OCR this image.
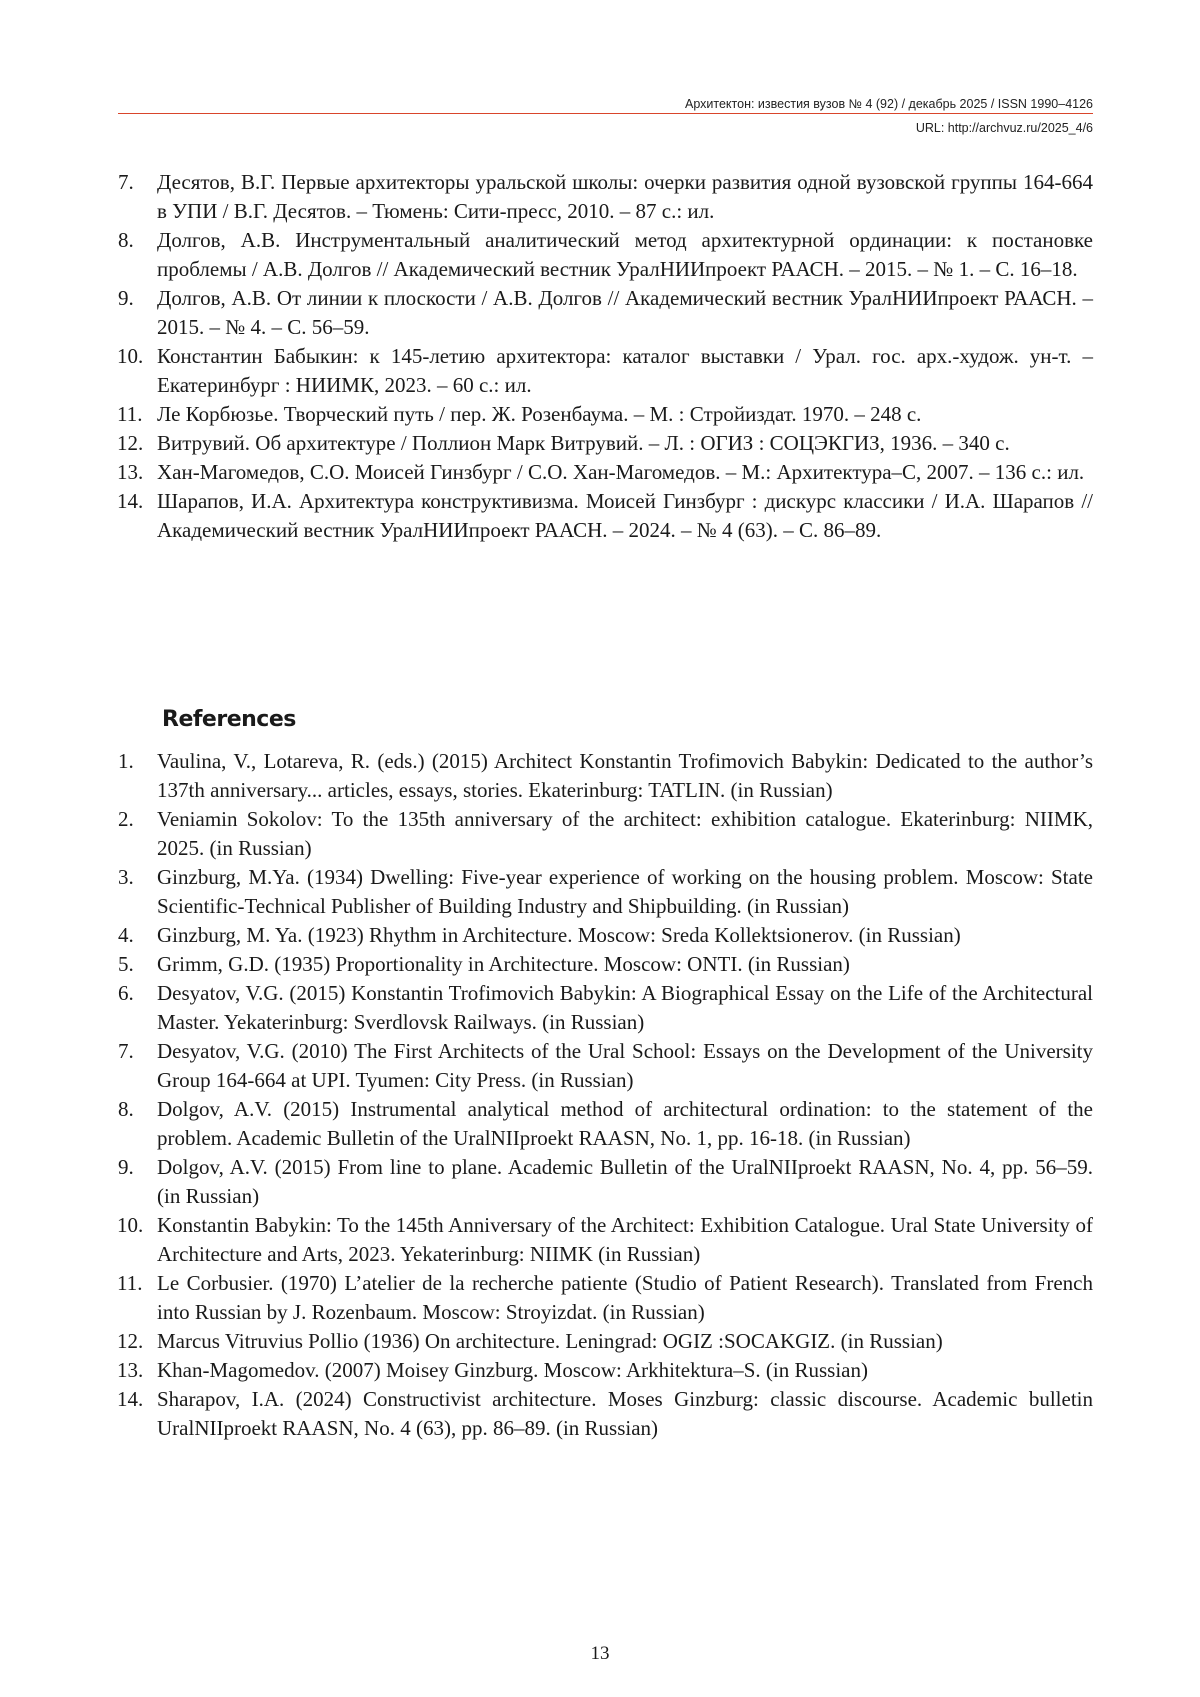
Архитектон: известия вузов № 4 (92) / декабрь 2025 / ISSN 1990–4126
URL: http://archvuz.ru/2025_4/6
7.	Десятов, В.Г. Первые архитекторы уральской школы: очерки развития одной вузовской группы 164-664 в УПИ / В.Г. Десятов. – Тюмень: Сити-пресс, 2010. – 87 с.: ил.
8.	Долгов, А.В. Инструментальный аналитический метод архитектурной ординации: к постановке проблемы / А.В. Долгов // Академический вестник УралНИИпроект РААСН. – 2015. – № 1. – С. 16–18.
9.	Долгов, А.В. От линии к плоскости / А.В. Долгов // Академический вестник УралНИИпроект РААСН. – 2015. – № 4. – С. 56–59.
10. Константин Бабыкин: к 145-летию архитектора: каталог выставки / Урал. гос. арх.-худож. ун-т. – Екатеринбург : НИИМК, 2023. – 60 с.: ил.
11. Ле Корбюзье. Творческий путь / пер. Ж. Розенбаума. – М. : Стройиздат. 1970. – 248 с.
12. Витрувий. Об архитектуре / Поллион Марк Витрувий. – Л. : ОГИЗ : СОЦЭКГИЗ, 1936. – 340 с.
13. Хан-Магомедов, С.О. Моисей Гинзбург / С.О. Хан-Магомедов. – М.: Архитектура–С, 2007. – 136 с.: ил.
14. Шарапов, И.А. Архитектура конструктивизма. Моисей Гинзбург : дискурс классики / И.А. Шарапов // Академический вестник УралНИИпроект РААСН. – 2024. – № 4 (63). – С. 86–89.
References
1.	Vaulina, V., Lotareva, R. (eds.) (2015) Architect Konstantin Trofimovich Babykin: Dedicated to the author’s 137th anniversary... articles, essays, stories. Ekaterinburg: TATLIN. (in Russian)
2.	Veniamin Sokolov: To the 135th anniversary of the architect: exhibition catalogue. Ekaterinburg: NIIMK, 2025. (in Russian)
3.	Ginzburg, M.Ya. (1934) Dwelling: Five-year experience of working on the housing problem. Moscow: State Scientific-Technical Publisher of Building Industry and Shipbuilding. (in Russian)
4.	Ginzburg, M. Ya. (1923) Rhythm in Architecture. Moscow: Sreda Kollektsionerov. (in Russian)
5.	Grimm, G.D. (1935) Proportionality in Architecture. Moscow: ONTI. (in Russian)
6.	Desyatov, V.G. (2015) Konstantin Trofimovich Babykin: A Biographical Essay on the Life of the Architectural Master. Yekaterinburg: Sverdlovsk Railways. (in Russian)
7.	Desyatov, V.G. (2010) The First Architects of the Ural School: Essays on the Development of the University Group 164-664 at UPI. Tyumen: City Press. (in Russian)
8.	Dolgov, A.V. (2015) Instrumental analytical method of architectural ordination: to the statement of the problem. Academic Bulletin of the UralNIIproekt RAASN, No. 1, pp. 16-18. (in Russian)
9.	Dolgov, A.V. (2015) From line to plane. Academic Bulletin of the UralNIIproekt RAASN, No. 4, pp. 56–59. (in Russian)
10. Konstantin Babykin: To the 145th Anniversary of the Architect: Exhibition Catalogue. Ural State University of Architecture and Arts, 2023. Yekaterinburg: NIIMK (in Russian)
11. Le Corbusier. (1970) L’atelier de la recherche patiente (Studio of Patient Research). Translated from French into Russian by J. Rozenbaum. Moscow: Stroyizdat. (in Russian)
12. Marcus Vitruvius Pollio (1936) On architecture. Leningrad: OGIZ :SOCAKGIZ. (in Russian)
13. Khan-Magomedov. (2007) Moisey Ginzburg. Moscow: Arkhitektura–S. (in Russian)
14. Sharapov, I.A. (2024) Constructivist architecture. Moses Ginzburg: classic discourse. Academic bulletin UralNIIproekt RAASN, No. 4 (63), pp. 86–89. (in Russian)
13
